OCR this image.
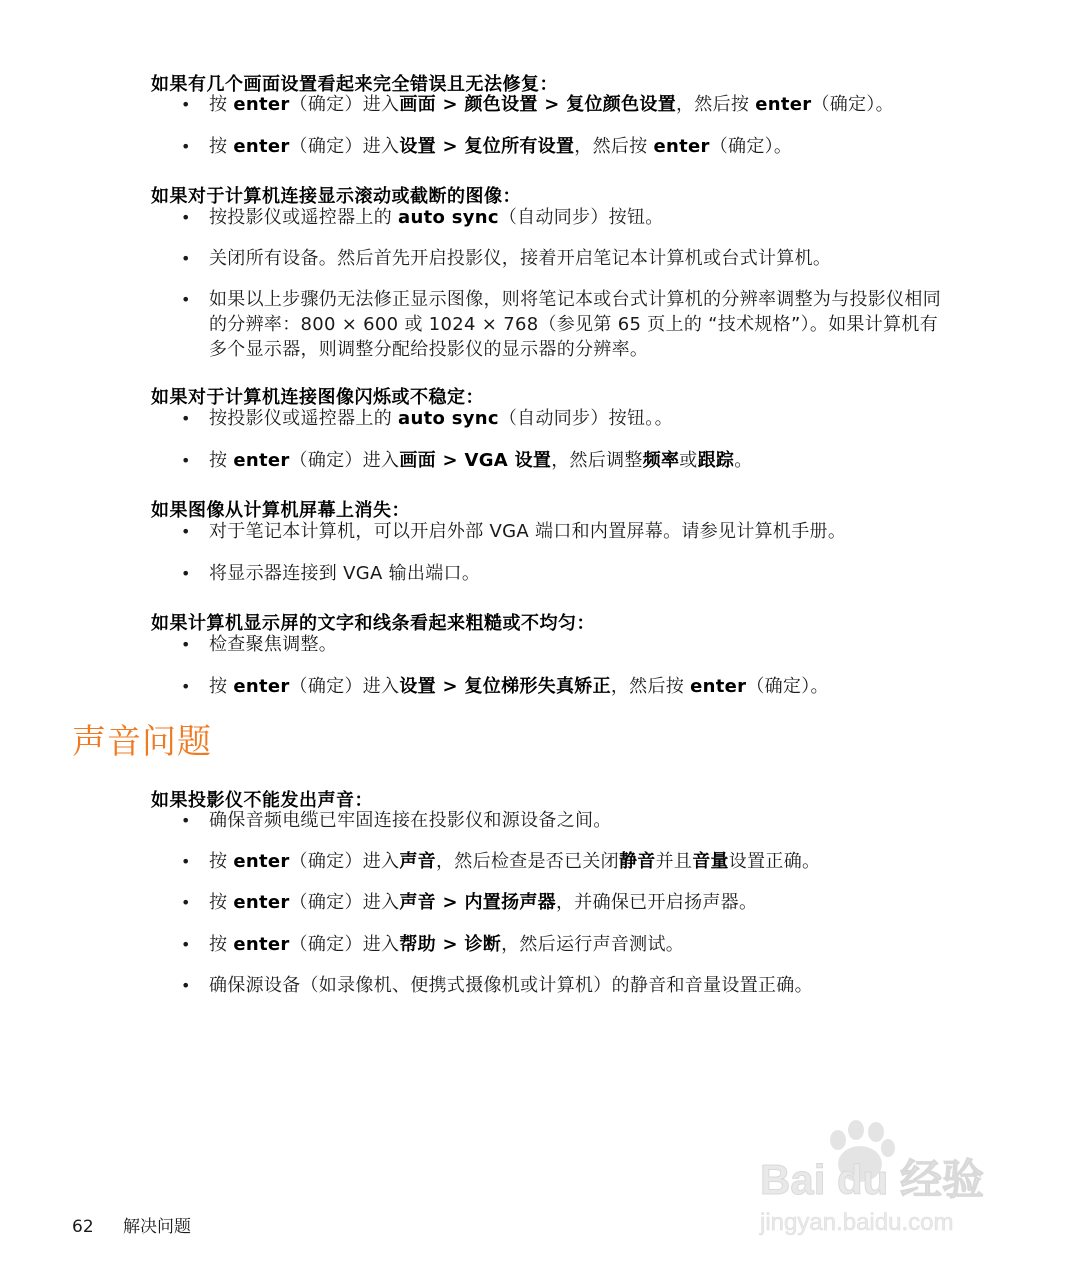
如果有几个画面设置看起来完全错误且无法修复：

• 按 enter（确定）进入画面 > 颜色设置 > 复位颜色设置，然后按 enter（确定）。
• 按 enter（确定）进入设置 > 复位所有设置，然后按 enter（确定）。

如果对于计算机连接显示滚动或截断的图像：

• 按投影仪或遥控器上的 auto sync（自动同步）按钮。
• 关闭所有设备。然后首先开启投影仪，接着开启笔记本计算机或台式计算机。
• 如果以上步骤仍无法修正显示图像，则将笔记本或台式计算机的分辨率调整为与投影仪相同的分辨率：800 × 600 或 1024 × 768（参见第 65 页上的 “技术规格”）。如果计算机有多个显示器，则调整分配给投影仪的显示器的分辨率。

如果对于计算机连接图像闪烁或不稳定：

• 按投影仪或遥控器上的 auto sync（自动同步）按钮。。
• 按 enter（确定）进入画面 > VGA 设置，然后调整频率或跟踪。

如果图像从计算机屏幕上消失：

• 对于笔记本计算机，可以开启外部 VGA 端口和内置屏幕。请参见计算机手册。
• 将显示器连接到 VGA 输出端口。

如果计算机显示屏的文字和线条看起来粗糙或不均匀：

• 检查聚焦调整。
• 按 enter（确定）进入设置 > 复位梯形失真矫正，然后按 enter（确定）。
声音问题

如果投影仪不能发出声音：

• 确保音频电缆已牢固连接在投影仪和源设备之间。
• 按 enter（确定）进入声音，然后检查是否已关闭静音并且音量设置正确。
• 按 enter（确定）进入声音 > 内置扬声器，并确保已开启扬声器。
• 按 enter（确定）进入帮助 > 诊断，然后运行声音测试。
• 确保源设备（如录像机、便携式摄像机或计算机）的静音和音量设置正确。
Bai du 经验
jingyan.baidu.com
62 解决问题
